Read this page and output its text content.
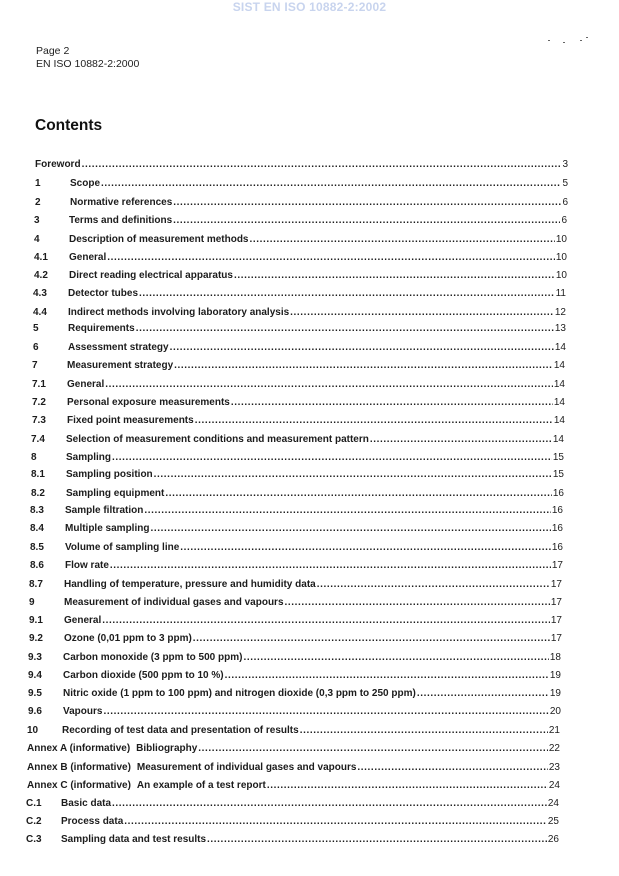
SIST EN ISO 10882-2:2002
Page 2
EN ISO 10882-2:2000
Contents
Foreword .....	3
1	Scope .....	5
2	Normative references .....	6
3	Terms and definitions .....	6
4	Description of measurement methods .....	10
4.1	General .....	10
4.2	Direct reading electrical apparatus .....	10
4.3	Detector tubes .....	11
4.4	Indirect methods involving laboratory analysis .....	12
5	Requirements .....	13
6	Assessment strategy .....	14
7	Measurement strategy .....	14
7.1	General .....	14
7.2	Personal exposure measurements .....	14
7.3	Fixed point measurements .....	14
7.4	Selection of measurement conditions and measurement pattern .....	14
8	Sampling .....	15
8.1	Sampling position .....	15
8.2	Sampling equipment .....	16
8.3	Sample filtration .....	16
8.4	Multiple sampling .....	16
8.5	Volume of sampling line .....	16
8.6	Flow rate .....	17
8.7	Handling of temperature, pressure and humidity data .....	17
9	Measurement of individual gases and vapours .....	17
9.1	General .....	17
9.2	Ozone (0,01 ppm to 3 ppm) .....	17
9.3	Carbon monoxide (3 ppm to 500 ppm) .....	18
9.4	Carbon dioxide (500 ppm to 10 %) .....	19
9.5	Nitric oxide (1 ppm to 100 ppm) and nitrogen dioxide (0,3 ppm to 250 ppm) .....	19
9.6	Vapours .....	20
10	Recording of test data and presentation of results .....	21
Annex A (informative) Bibliography .....	22
Annex B (informative) Measurement of individual gases and vapours .....	23
Annex C (informative) An example of a test report .....	24
C.1	Basic data .....	24
C.2	Process data .....	25
C.3	Sampling data and test results .....	26
